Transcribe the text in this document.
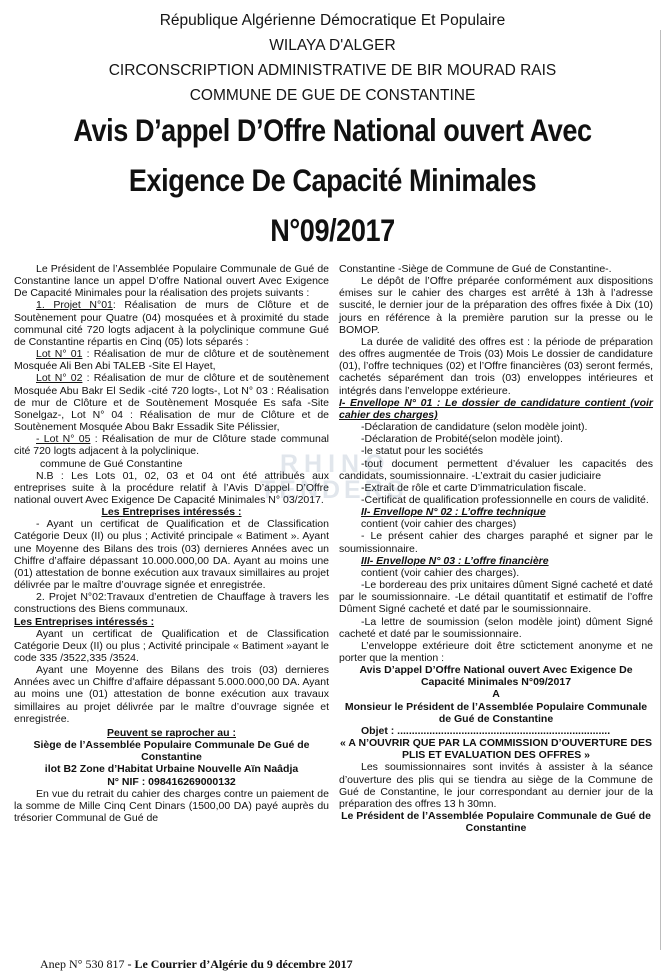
République Algérienne Démocratique Et Populaire
WILAYA D'ALGER
CIRCONSCRIPTION ADMINISTRATIVE DE BIR MOURAD RAIS
COMMUNE DE GUE DE CONSTANTINE
Avis D’appel D’Offre National ouvert Avec
Exigence De Capacité Minimales
N°09/2017

Le Président de l’Assemblée Populaire Communale de Gué de Constantine lance un appel D’offre National ouvert Avec Exigence De Capacité Minimales pour la réalisation des projets suivants :

1. Projet N°01: Réalisation de murs de Clôture et de Soutènement pour Quatre (04) mosquées et à proximité du stade communal cité 720 logts adjacent à la polyclinique commune Gué de Constantine répartis en Cinq (05) lots séparés :

Lot N° 01 : Réalisation de mur de clôture et de soutènement Mosquée Ali Ben Abi TALEB -Site El Hayet,

Lot N° 02 : Réalisation de mur de clôture et de soutènement Mosquée Abu Bakr El Sedik -cité 720 logts-, Lot N° 03 : Réalisation de mur de Clôture et de Soutènement Mosquée Es safa -Site Sonelgaz-, Lot N° 04 : Réalisation de mur de Clôture et de Soutènement Mosquée Abou Bakr Essadik Site Pélissier,

- Lot N° 05 : Réalisation de mur de Clôture stade communal cité 720 logts adjacent à la polyclinique.

commune de Gué Constantine

N.B : Les Lots 01, 02, 03 et 04 ont été attribués aux entreprises suite à la procédure relatif à l’Avis D’appel D’Offre national ouvert Avec Exigence De Capacité Minimales N° 03/2017.

Les Entreprises intéressés :

- Ayant un certificat de Qualification et de Classification Catégorie Deux (II) ou plus ; Activité principale « Batiment ». Ayant une Moyenne des Bilans des trois (03) dernieres Années avec un Chiffre d’affaire dépassant 10.000.000,00 DA. Ayant au moins une (01) attestation de bonne exécution aux travaux simillaires au projet délivrée par le maître d’ouvrage signée et enregistrée.

2. Projet N°02:Travaux d’entretien de Chauffage à travers les constructions des Biens communaux.

Les Entreprises intéressés :

Ayant un certificat de Qualification et de Classification Catégorie Deux (II) ou plus ; Activité principale « Batiment »ayant le code 335 /3522,335 /3524.

Ayant une Moyenne des Bilans des trois (03) dernieres Années avec un Chiffre d’affaire dépassant 5.000.000,00 DA. Ayant au moins une (01) attestation de bonne exécution aux travaux simillaires au projet délivrée par le maître d’ouvrage signée et enregistrée.

Peuvent se raprocher au :

Siège de l’Assemblée Populaire Communale De Gué de Constantine

ilot B2 Zone d’Habitat Urbaine Nouvelle Aïn Naâdja

N° NIF : 098416269000132

En vue du retrait du cahier des charges contre un paiement de la somme de Mille Cinq Cent Dinars (1500,00 DA) payé auprès du trésorier Communal de Gué de

Constantine -Siège de Commune de Gué de Constantine-.

Le dépôt de l’Offre préparée conformément aux dispositions émises sur le cahier des charges est arrêté à 13h à l’adresse suscité, le dernier jour de la préparation des offres fixée à Dix (10) jours en référence à la première parution sur la presse ou le BOMOP.

La durée de validité des offres est : la période de préparation des offres augmentée de Trois (03) Mois Le dossier de candidature (01), l’offre techniques (02) et l’Offre financières (03) seront fermés, cachetés séparément dan trois (03) enveloppes intérieures et intégrés dans l’enveloppe extérieure.

I- Envellope N° 01 : Le dossier de candidature contient (voir cahier des charges)

-Déclaration de candidature (selon modèle joint).

-Déclaration de Probité(selon modèle joint).

-le statut pour les sociétés

-tout document permettent d’évaluer les capacités des candidats, soumissionnaire. -L’extrait du casier judiciaire

-Extrait de rôle et carte D’immatriculation fiscale.

-Certificat de qualification professionnelle en cours de validité.

II- Envellope N° 02 : L’offre technique

contient (voir cahier des charges)

- Le présent cahier des charges paraphé et signer par le soumissionnaire.

III- Envellope N° 03 : L’offre financière

contient (voir cahier des charges).

-Le bordereau des prix unitaires dûment Signé cacheté et daté par le soumissionnaire. -Le détail quantitatif et estimatif de l’offre Dûment Signé cacheté et daté par le soumissionnaire.

-La lettre de soumission (selon modèle joint) dûment Signé cacheté et daté par le soumissionnaire.

L’enveloppe extérieure doit être sctictement anonyme et ne porter que la mention :

Avis D’appel D’Offre National ouvert Avec Exigence De Capacité Minimales N°09/2017

A

Monsieur le Président de l’Assemblée Populaire Communale de Gué de Constantine

Objet : .........................................................................

« A N’OUVRIR QUE PAR LA COMMISSION D’OUVERTURE DES PLIS ET EVALUATION DES OFFRES »

Les soumissionnaires sont invités à assister à la séance d’ouverture des plis qui se tiendra au siège de la Commune de Gué de Constantine, le jour correspondant au dernier jour de la préparation des offres 13 h 30mn.

Le Président de l’Assemblée Populaire Communale de Gué de Constantine

RHINO
TENDERS
Anep N° 530 817 - Le Courrier d’Algérie du 9 décembre 2017
